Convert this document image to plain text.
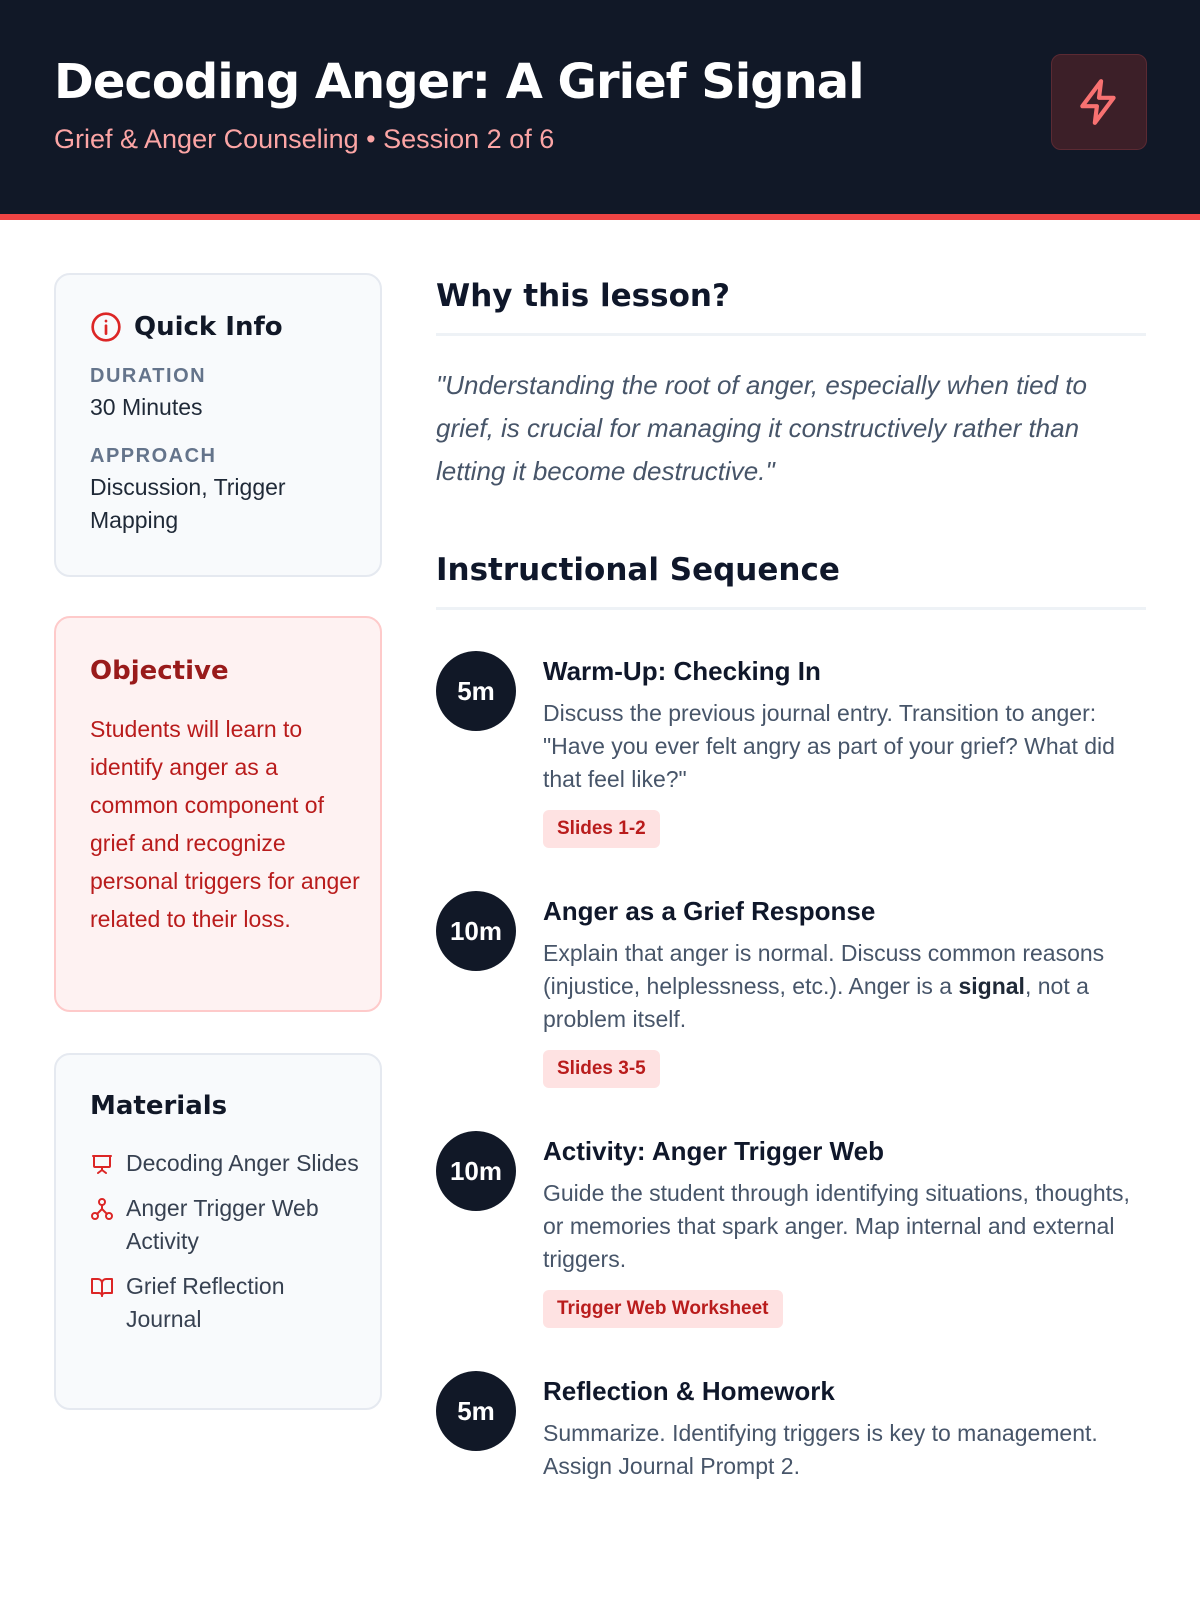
Decoding Anger: A Grief Signal
Grief & Anger Counseling • Session 2 of 6
Quick Info
DURATION
30 Minutes
APPROACH
Discussion, Trigger Mapping
Objective
Students will learn to identify anger as a common component of grief and recognize personal triggers for anger related to their loss.
Materials
Decoding Anger Slides
Anger Trigger Web Activity
Grief Reflection Journal
Why this lesson?
"Understanding the root of anger, especially when tied to grief, is crucial for managing it constructively rather than letting it become destructive."
Instructional Sequence
5m
Warm-Up: Checking In
Discuss the previous journal entry. Transition to anger: "Have you ever felt angry as part of your grief? What did that feel like?"
Slides 1-2
10m
Anger as a Grief Response
Explain that anger is normal. Discuss common reasons (injustice, helplessness, etc.). Anger is a signal, not a problem itself.
Slides 3-5
10m
Activity: Anger Trigger Web
Guide the student through identifying situations, thoughts, or memories that spark anger. Map internal and external triggers.
Trigger Web Worksheet
5m
Reflection & Homework
Summarize. Identifying triggers is key to management. Assign Journal Prompt 2.
